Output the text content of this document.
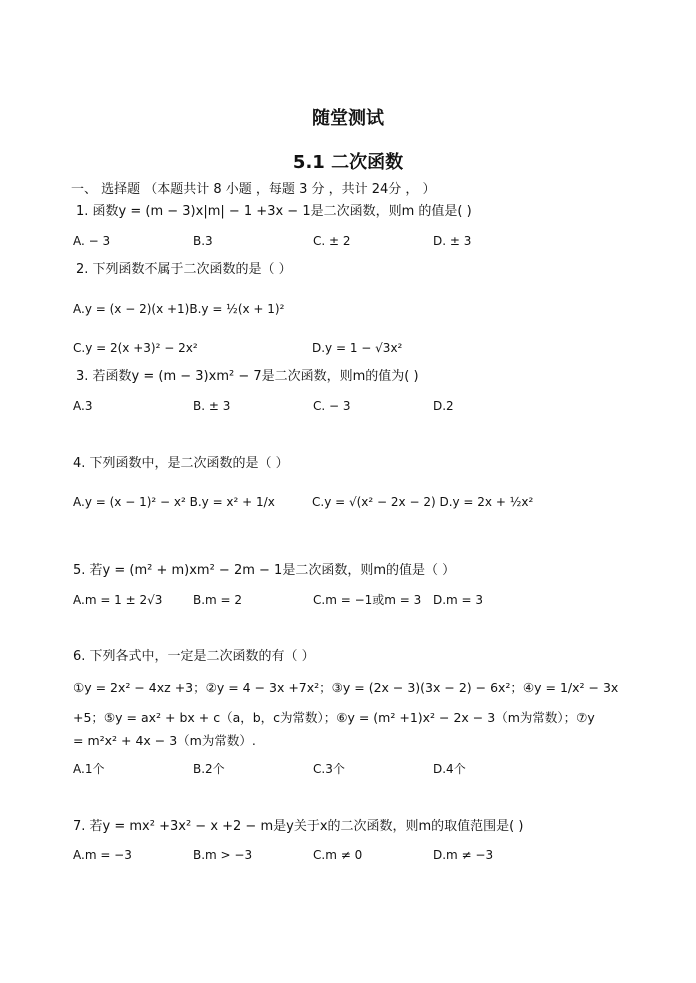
随堂测试
5.1 二次函数
一、 选择题 （本题共计 8 小题 ，每题 3 分 ，共计 24分 ， ）
1. 函数y = (m − 3)x|m| − 1 +3x − 1是二次函数，则m 的值是( )
A. − 3	B.3	C. ± 2	D. ± 3
2. 下列函数不属于二次函数的是（ ）
A.y = (x − 2)(x +1)B.y = ½(x + 1)²
C.y = 2(x +3)² − 2x²	D.y = 1 − √3x²
3. 若函数y = (m − 3)xm² − 7是二次函数，则m的值为( )
A.3	B. ± 3	C. − 3	D.2
4. 下列函数中，是二次函数的是（ ）
A.y = (x − 1)² − x² B.y = x² + 1/x	C.y = √(x² − 2x − 2) D.y = 2x + ½x²
5. 若y = (m² + m)xm² − 2m − 1是二次函数，则m的值是（ ）
A.m = 1 ± 2√3	B.m = 2	C.m = −1或m = 3 D.m = 3
6. 下列各式中，一定是二次函数的有（ ）
①y = 2x² − 4xz +3；②y = 4 − 3x +7x²；③y = (2x − 3)(3x − 2) − 6x²；④y = 1/x² − 3x
+5；⑤y = ax² + bx + c（a，b，c为常数）；⑥y = (m² +1)x² − 2x − 3（m为常数）；⑦y
= m²x² + 4x − 3（m为常数）.
A.1个	B.2个	C.3个	D.4个
7. 若y = mx² +3x² − x +2 − m是y关于x的二次函数，则m的取值范围是( )
A.m = −3	B.m > −3	C.m ≠ 0	D.m ≠ −3
